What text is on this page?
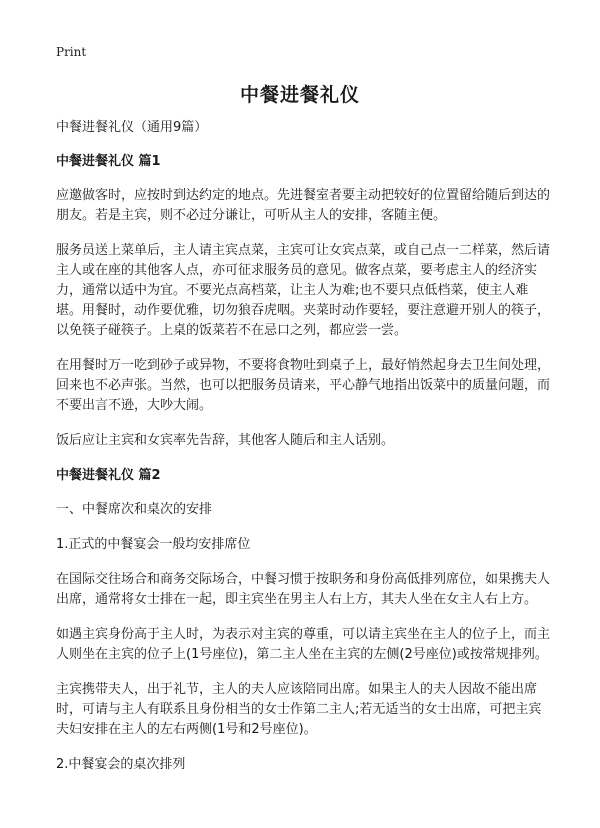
Print
中餐进餐礼仪

中餐进餐礼仪（通用9篇）

中餐进餐礼仪 篇1

应邀做客时，应按时到达约定的地点。先进餐室者要主动把较好的位置留给随后到达的朋友。若是主宾，则不必过分谦让，可听从主人的安排，客随主便。

服务员送上菜单后，主人请主宾点菜，主宾可让女宾点菜，或自己点一二样菜，然后请主人或在座的其他客人点，亦可征求服务员的意见。做客点菜，要考虑主人的经济实力，通常以适中为宜。不要光点高档菜，让主人为难;也不要只点低档菜，使主人难堪。用餐时，动作要优雅，切勿狼吞虎咽。夹菜时动作要轻，要注意避开别人的筷子，以免筷子碰筷子。上桌的饭菜若不在忌口之列，都应尝一尝。

在用餐时万一吃到砂子或异物，不要将食物吐到桌子上，最好悄然起身去卫生间处理，回来也不必声张。当然，也可以把服务员请来，平心静气地指出饭菜中的质量问题，而不要出言不逊，大吵大闹。

饭后应让主宾和女宾率先告辞，其他客人随后和主人话别。

中餐进餐礼仪 篇2

一、中餐席次和桌次的安排

1.正式的中餐宴会一般均安排席位

在国际交往场合和商务交际场合，中餐习惯于按职务和身份高低排列席位，如果携夫人出席，通常将女士排在一起，即主宾坐在男主人右上方，其夫人坐在女主人右上方。

如遇主宾身份高于主人时，为表示对主宾的尊重，可以请主宾坐在主人的位子上，而主人则坐在主宾的位子上(1号座位)，第二主人坐在主宾的左侧(2号座位)或按常规排列。

主宾携带夫人，出于礼节，主人的夫人应该陪同出席。如果主人的夫人因故不能出席时，可请与主人有联系且身份相当的女士作第二主人;若无适当的女士出席，可把主宾夫妇安排在主人的左右两侧(1号和2号座位)。

2.中餐宴会的桌次排列
